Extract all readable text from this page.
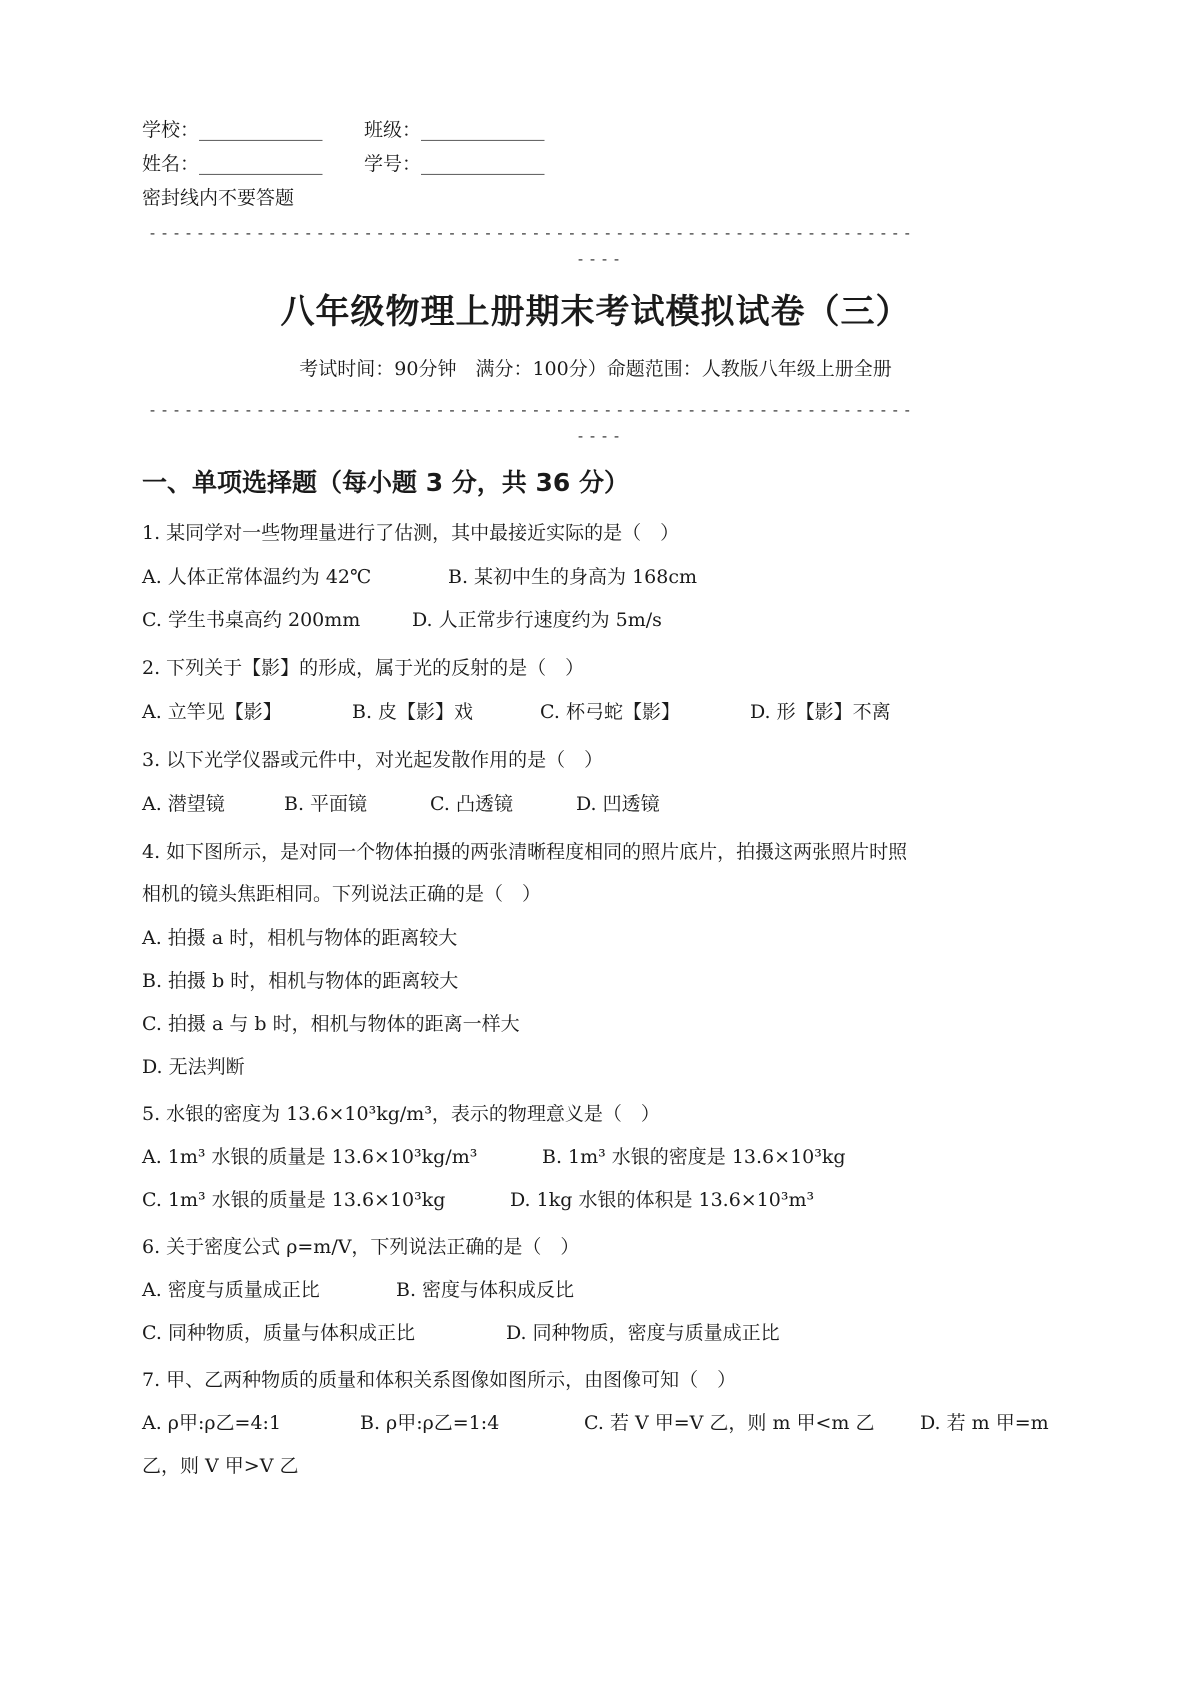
学校：_____________ 班级：_____________
姓名：_____________ 学号：_____________
密封线内不要答题
----------------------------------------------------------------
----
八年级物理上册期末考试模拟试卷（三）
考试时间：90分钟　满分：100分）命题范围：人教版八年级上册全册
----------------------------------------------------------------
----
一、单项选择题（每小题 3 分，共 36 分）
1. 某同学对一些物理量进行了估测，其中最接近实际的是（　）
A. 人体正常体温约为 42℃	B. 某初中生的身高为 168cm
C. 学生书桌高约 200mm	D. 人正常步行速度约为 5m/s
2. 下列关于【影】的形成，属于光的反射的是（　）
A. 立竿见【影】	B. 皮【影】戏	C. 杯弓蛇【影】	D. 形【影】不离
3. 以下光学仪器或元件中，对光起发散作用的是（　）
A. 潜望镜	B. 平面镜	C. 凸透镜	D. 凹透镜
4. 如下图所示，是对同一个物体拍摄的两张清晰程度相同的照片底片，拍摄这两张照片时照
相机的镜头焦距相同。下列说法正确的是（　）
A. 拍摄 a 时，相机与物体的距离较大
B. 拍摄 b 时，相机与物体的距离较大
C. 拍摄 a 与 b 时，相机与物体的距离一样大
D. 无法判断
5. 水银的密度为 13.6×10³kg/m³，表示的物理意义是（　）
A. 1m³ 水银的质量是 13.6×10³kg/m³	B. 1m³ 水银的密度是 13.6×10³kg
C. 1m³ 水银的质量是 13.6×10³kg	D. 1kg 水银的体积是 13.6×10³m³
6. 关于密度公式 ρ=m/V，下列说法正确的是（　）
A. 密度与质量成正比	B. 密度与体积成反比
C. 同种物质，质量与体积成正比	D. 同种物质，密度与质量成正比
7. 甲、乙两种物质的质量和体积关系图像如图所示，由图像可知（　）
A. ρ甲:ρ乙=4:1	B. ρ甲:ρ乙=1:4	C. 若 V 甲=V 乙，则 m 甲<m 乙 D. 若 m 甲=m
乙，则 V 甲>V 乙
